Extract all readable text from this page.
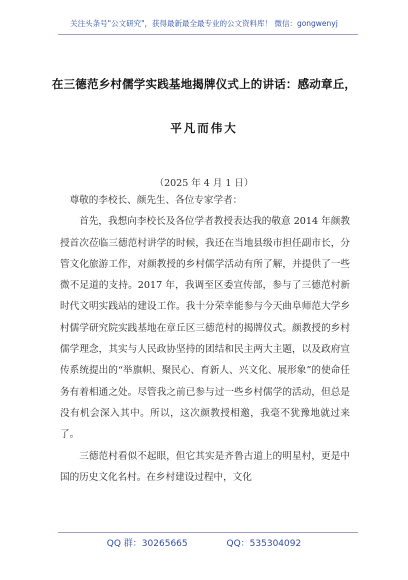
关注头条号"公文研究"，获得最新最全最专业的公文资料库！ 微信：gongwenyj
在三德范乡村儒学实践基地揭牌仪式上的讲话：感动章丘，
平凡而伟大
（2025 年 4 月 1 日）

尊敬的李校长、颜先生、各位专家学者：

首先，我想向李校长及各位学者教授表达我的敬意 2014 年颜教授首次莅临三德范村讲学的时候，我还在当地县级市担任副市长，分管文化旅游工作，对颜教授的乡村儒学活动有所了解，并提供了一些微不足道的支持。2017 年，我调至区委宣传部，参与了三德范村新时代文明实践站的建设工作。我十分荣幸能参与今天曲阜师范大学乡村儒学研究院实践基地在章丘区三德范村的揭牌仪式。颜教授的乡村儒学理念，其实与人民政协坚持的团结和民主两大主题，以及政府宣传系统提出的“举旗帜、聚民心、育新人、兴文化、展形象”的使命任务有着相通之处。尽管我之前已参与过一些乡村儒学的活动，但总是没有机会深入其中。所以，这次颜教授相邀，我毫不犹豫地就过来了。

三德范村看似不起眼，但它其实是齐鲁古道上的明星村，更是中国的历史文化名村。在乡村建设过程中，文化

QQ 群：30265665	QQ：535304092
